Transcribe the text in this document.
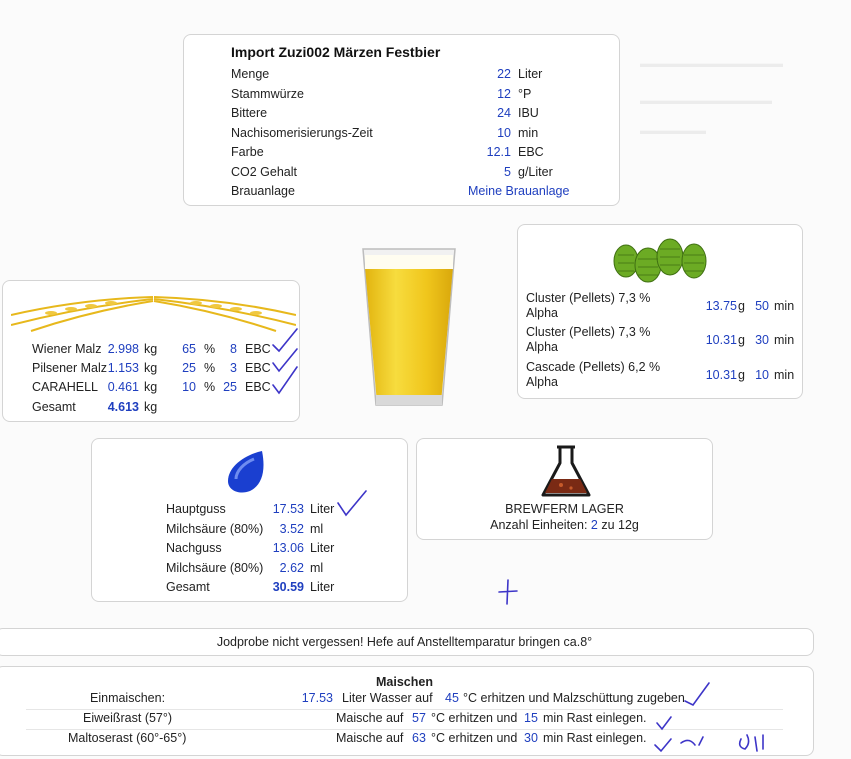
▬▬▬▬▬▬▬▬▬▬▬▬▬
▬▬▬▬▬▬▬▬▬▬▬▬
▬▬▬▬▬▬
Import Zuzi002 Märzen Festbier
Menge	22 Liter
Stammwürze	12 °P
Bittere	24 IBU
Nachisomerisierungs-Zeit	10 min
Farbe	12.1 EBC
CO2 Gehalt	5 g/Liter
Brauanlage	Meine Brauanlage
Wiener Malz 2.998 kg 65 % 8 EBC
Pilsener Malz 1.153 kg 25 % 3 EBC
CARAHELL 0.461 kg 10 % 25 EBC
Gesamt	4.613 kg
Cluster (Pellets) 7,3 % Alpha	13.75 g 50 min
Cluster (Pellets) 7,3 % Alpha	10.31 g 30 min
Cascade (Pellets) 6,2 % Alpha	10.31 g 10 min
Hauptguss	17.53 Liter
Milchsäure (80%) 3.52 ml
Nachguss	13.06 Liter
Milchsäure (80%) 2.62 ml
Gesamt	30.59 Liter
BREWFERM LAGER
Anzahl Einheiten: 2 zu 12g
Jodprobe nicht vergessen! Hefe auf Anstelltemparatur bringen ca.8°
Maischen
Einmaischen:	17.53 Liter Wasser auf 45 °C erhitzen und Malzschüttung zugeben
Eiweißrast (57°)	Maische auf 57 °C erhitzen und 15 min Rast einlegen.
Maltoserast (60°-65°)	Maische auf 63 °C erhitzen und 30 min Rast einlegen.
